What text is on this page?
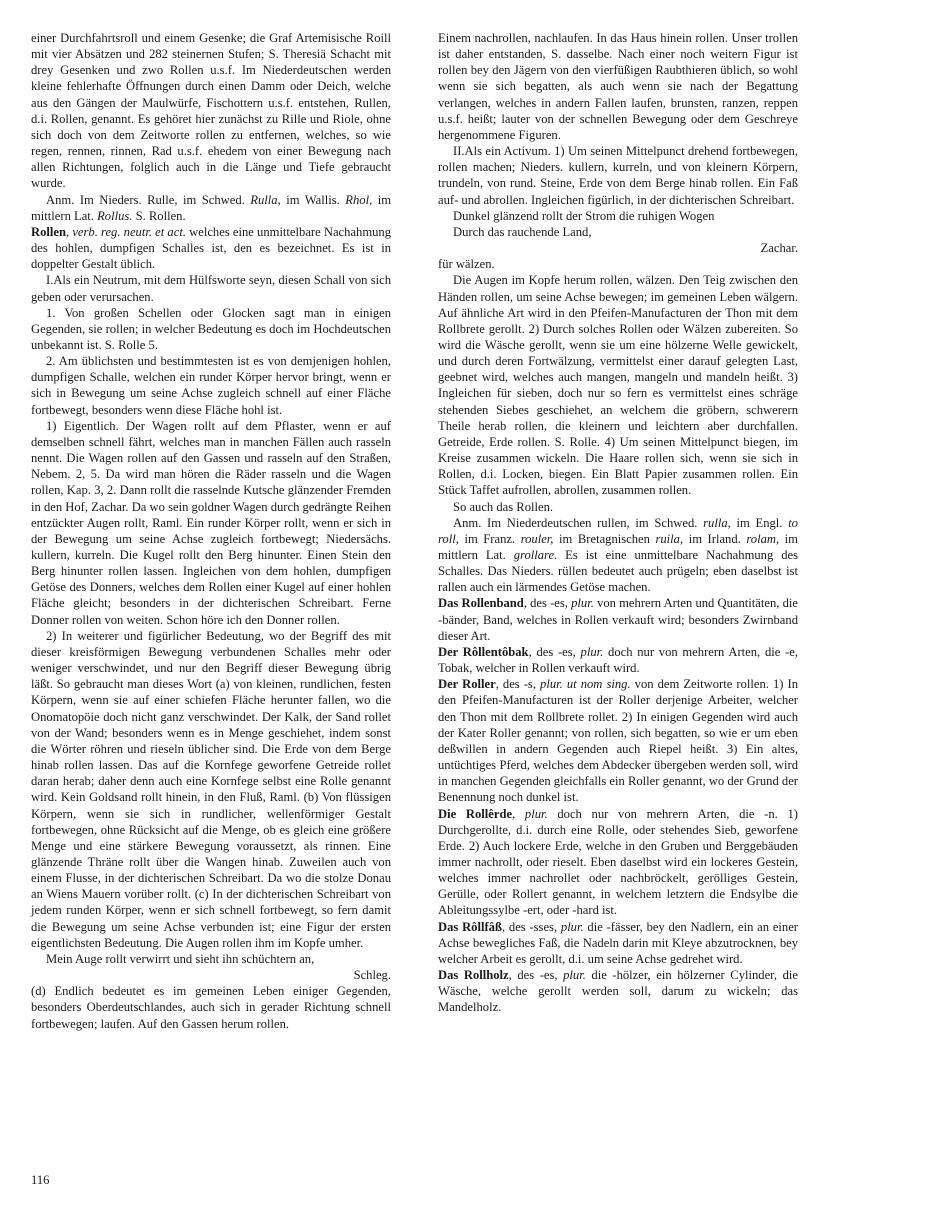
einer Durchfahrtsroll und einem Gesenke; die Graf Artemisische Roill mit vier Absätzen und 282 steinernen Stufen; S. Theresiä Schacht mit drey Gesenken und zwo Rollen u.s.f. Im Niederdeutschen werden kleine fehlerhafte Öffnungen durch einen Damm oder Deich, welche aus den Gängen der Maulwürfe, Fischottern u.s.f. entstehen, Rullen, d.i. Rollen, genannt. Es gehöret hier zunächst zu Rille und Riole, ohne sich doch von dem Zeitworte rollen zu entfernen, welches, so wie regen, rennen, rinnen, Rad u.s.f. ehedem von einer Bewegung nach allen Richtungen, folglich auch in die Länge und Tiefe gebraucht wurde.

Anm. Im Nieders. Rulle, im Schwed. Rulla, im Wallis. Rhol, im mittlern Lat. Rollus. S. Rollen.

Rollen, verb. reg. neutr. et act. welches eine unmittelbare Nachahmung des hohlen, dumpfigen Schalles ist, den es bezeichnet. Es ist in doppelter Gestalt üblich.

I.Als ein Neutrum, mit dem Hülfsworte seyn, diesen Schall von sich geben oder verursachen.

1. Von großen Schellen oder Glocken sagt man in einigen Gegenden, sie rollen; in welcher Bedeutung es doch im Hochdeutschen unbekannt ist. S. Rolle 5.

2. Am üblichsten und bestimmtesten ist es von demjenigen hohlen, dumpfigen Schalle, welchen ein runder Körper hervor bringt, wenn er sich in Bewegung um seine Achse zugleich schnell auf einer Fläche fortbewegt, besonders wenn diese Fläche hohl ist.

1) Eigentlich. Der Wagen rollt auf dem Pflaster, wenn er auf demselben schnell fährt, welches man in manchen Fällen auch rasseln nennt. Die Wagen rollen auf den Gassen und rasseln auf den Straßen, Nebem. 2, 5. Da wird man hören die Räder rasseln und die Wagen rollen, Kap. 3, 2. Dann rollt die rasselnde Kutsche glänzender Fremden in den Hof, Zachar. Da wo sein goldner Wagen durch gedrängte Reihen entzückter Augen rollt, Raml. Ein runder Körper rollt, wenn er sich in der Bewegung um seine Achse zugleich fortbewegt; Niedersächs. kullern, kurreln. Die Kugel rollt den Berg hinunter. Einen Stein den Berg hinunter rollen lassen. Ingleichen von dem hohlen, dumpfigen Getöse des Donners, welches dem Rollen einer Kugel auf einer hohlen Fläche gleicht; besonders in der dichterischen Schreibart. Ferne Donner rollen von weiten. Schon höre ich den Donner rollen.

2) In weiterer und figürlicher Bedeutung, wo der Begriff des mit dieser kreisförmigen Bewegung verbundenen Schalles mehr oder weniger verschwindet, und nur den Begriff dieser Bewegung übrig läßt. So gebraucht man dieses Wort (a) von kleinen, rundlichen, festen Körpern, wenn sie auf einer schiefen Fläche herunter fallen, wo die Onomatopöie doch nicht ganz verschwindet. Der Kalk, der Sand rollet von der Wand; besonders wenn es in Menge geschiehet, indem sonst die Wörter röhren und rieseln üblicher sind. Die Erde von dem Berge hinab rollen lassen. Das auf die Kornfege geworfene Getreide rollet daran herab; daher denn auch eine Kornfege selbst eine Rolle genannt wird. Kein Goldsand rollt hinein, in den Fluß, Raml. (b) Von flüssigen Körpern, wenn sie sich in rundlicher, wellenförmiger Gestalt fortbewegen, ohne Rücksicht auf die Menge, ob es gleich eine größere Menge und eine stärkere Bewegung voraussetzt, als rinnen. Eine glänzende Thräne rollt über die Wangen hinab. Zuweilen auch von einem Flusse, in der dichterischen Schreibart. Da wo die stolze Donau an Wiens Mauern vorüber rollt. (c) In der dichterischen Schreibart von jedem runden Körper, wenn er sich schnell fortbewegt, so fern damit die Bewegung um seine Achse verbunden ist; eine Figur der ersten eigentlichsten Bedeutung. Die Augen rollen ihm im Kopfe umher.

Mein Auge rollt verwirrt und sieht ihn schüchtern an,

Schleg.

(d) Endlich bedeutet es im gemeinen Leben einiger Gegenden, besonders Oberdeutschlandes, auch sich in gerader Richtung schnell fortbewegen; laufen. Auf den Gassen herum rollen.

Einem nachrollen, nachlaufen. In das Haus hinein rollen. Unser trollen ist daher entstanden, S. dasselbe. Nach einer noch weitern Figur ist rollen bey den Jägern von den vierfüßigen Raubthieren üblich, so wohl wenn sie sich begatten, als auch wenn sie nach der Begattung verlangen, welches in andern Fallen laufen, brunsten, ranzen, reppen u.s.f. heißt; lauter von der schnellen Bewegung oder dem Geschreye hergenommene Figuren.

II.Als ein Activum. 1) Um seinen Mittelpunct drehend fortbewegen, rollen machen; Nieders. kullern, kurreln, und von kleinern Körpern, trundeln, von rund. Steine, Erde von dem Berge hinab rollen. Ein Faß auf- und abrollen. Ingleichen figürlich, in der dichterischen Schreibart.

Dunkel glänzend rollt der Strom die ruhigen Wogen

Durch das rauchende Land,

Zachar.

für wälzen.

Die Augen im Kopfe herum rollen, wälzen. Den Teig zwischen den Händen rollen, um seine Achse bewegen; im gemeinen Leben wälgern. Auf ähnliche Art wird in den Pfeifen-Manufacturen der Thon mit dem Rollbrete gerollt. 2) Durch solches Rollen oder Wälzen zubereiten. So wird die Wäsche gerollt, wenn sie um eine hölzerne Welle gewickelt, und durch deren Fortwälzung, vermittelst einer darauf gelegten Last, geebnet wird, welches auch mangen, mangeln und mandeln heißt. 3) Ingleichen für sieben, doch nur so fern es vermittelst eines schräge stehenden Siebes geschiehet, an welchem die gröbern, schwerern Theile herab rollen, die kleinern und leichtern aber durchfallen. Getreide, Erde rollen. S. Rolle. 4) Um seinen Mittelpunct biegen, im Kreise zusammen wickeln. Die Haare rollen sich, wenn sie sich in Rollen, d.i. Locken, biegen. Ein Blatt Papier zusammen rollen. Ein Stück Taffet aufrollen, abrollen, zusammen rollen.

So auch das Rollen.

Anm. Im Niederdeutschen rullen, im Schwed. rulla, im Engl. to roll, im Franz. rouler, im Bretagnischen ruila, im Irland. rolam, im mittlern Lat. grollare. Es ist eine unmittelbare Nachahmung des Schalles. Das Nieders. rüllen bedeutet auch prügeln; eben daselbst ist rallen auch ein lärmendes Getöse machen.

Das Rollenband, des -es, plur. von mehrern Arten und Quantitäten, die -bänder, Band, welches in Rollen verkauft wird; besonders Zwirnband dieser Art.

Der Rôllentôbak, des -es, plur. doch nur von mehrern Arten, die -e, Tobak, welcher in Rollen verkauft wird.

Der Roller, des -s, plur. ut nom sing. von dem Zeitworte rollen. 1) In den Pfeifen-Manufacturen ist der Roller derjenige Arbeiter, welcher den Thon mit dem Rollbrete rollet. 2) In einigen Gegenden wird auch der Kater Roller genannt; von rollen, sich begatten, so wie er um eben deßwillen in andern Gegenden auch Riepel heißt. 3) Ein altes, untüchtiges Pferd, welches dem Abdecker übergeben werden soll, wird in manchen Gegenden gleichfalls ein Roller genannt, wo der Grund der Benennung noch dunkel ist.

Die Rollêrde, plur. doch nur von mehrern Arten, die -n. 1) Durchgerollte, d.i. durch eine Rolle, oder stehendes Sieb, geworfene Erde. 2) Auch lockere Erde, welche in den Gruben und Berggebäuden immer nachrollt, oder rieselt. Eben daselbst wird ein lockeres Gestein, welches immer nachrollet oder nachbröckelt, gerölliges Gestein, Gerülle, oder Rollert genannt, in welchem letztern die Endsylbe die Ableitungssylbe -ert, oder -hard ist.

Das Rôllfâß, des -sses, plur. die -fässer, bey den Nadlern, ein an einer Achse bewegliches Faß, die Nadeln darin mit Kleye abzutrocknen, bey welcher Arbeit es gerollt, d.i. um seine Achse gedrehet wird.

Das Rollholz, des -es, plur. die -hölzer, ein hölzerner Cylinder, die Wäsche, welche gerollt werden soll, darum zu wickeln; das Mandelholz.

116
